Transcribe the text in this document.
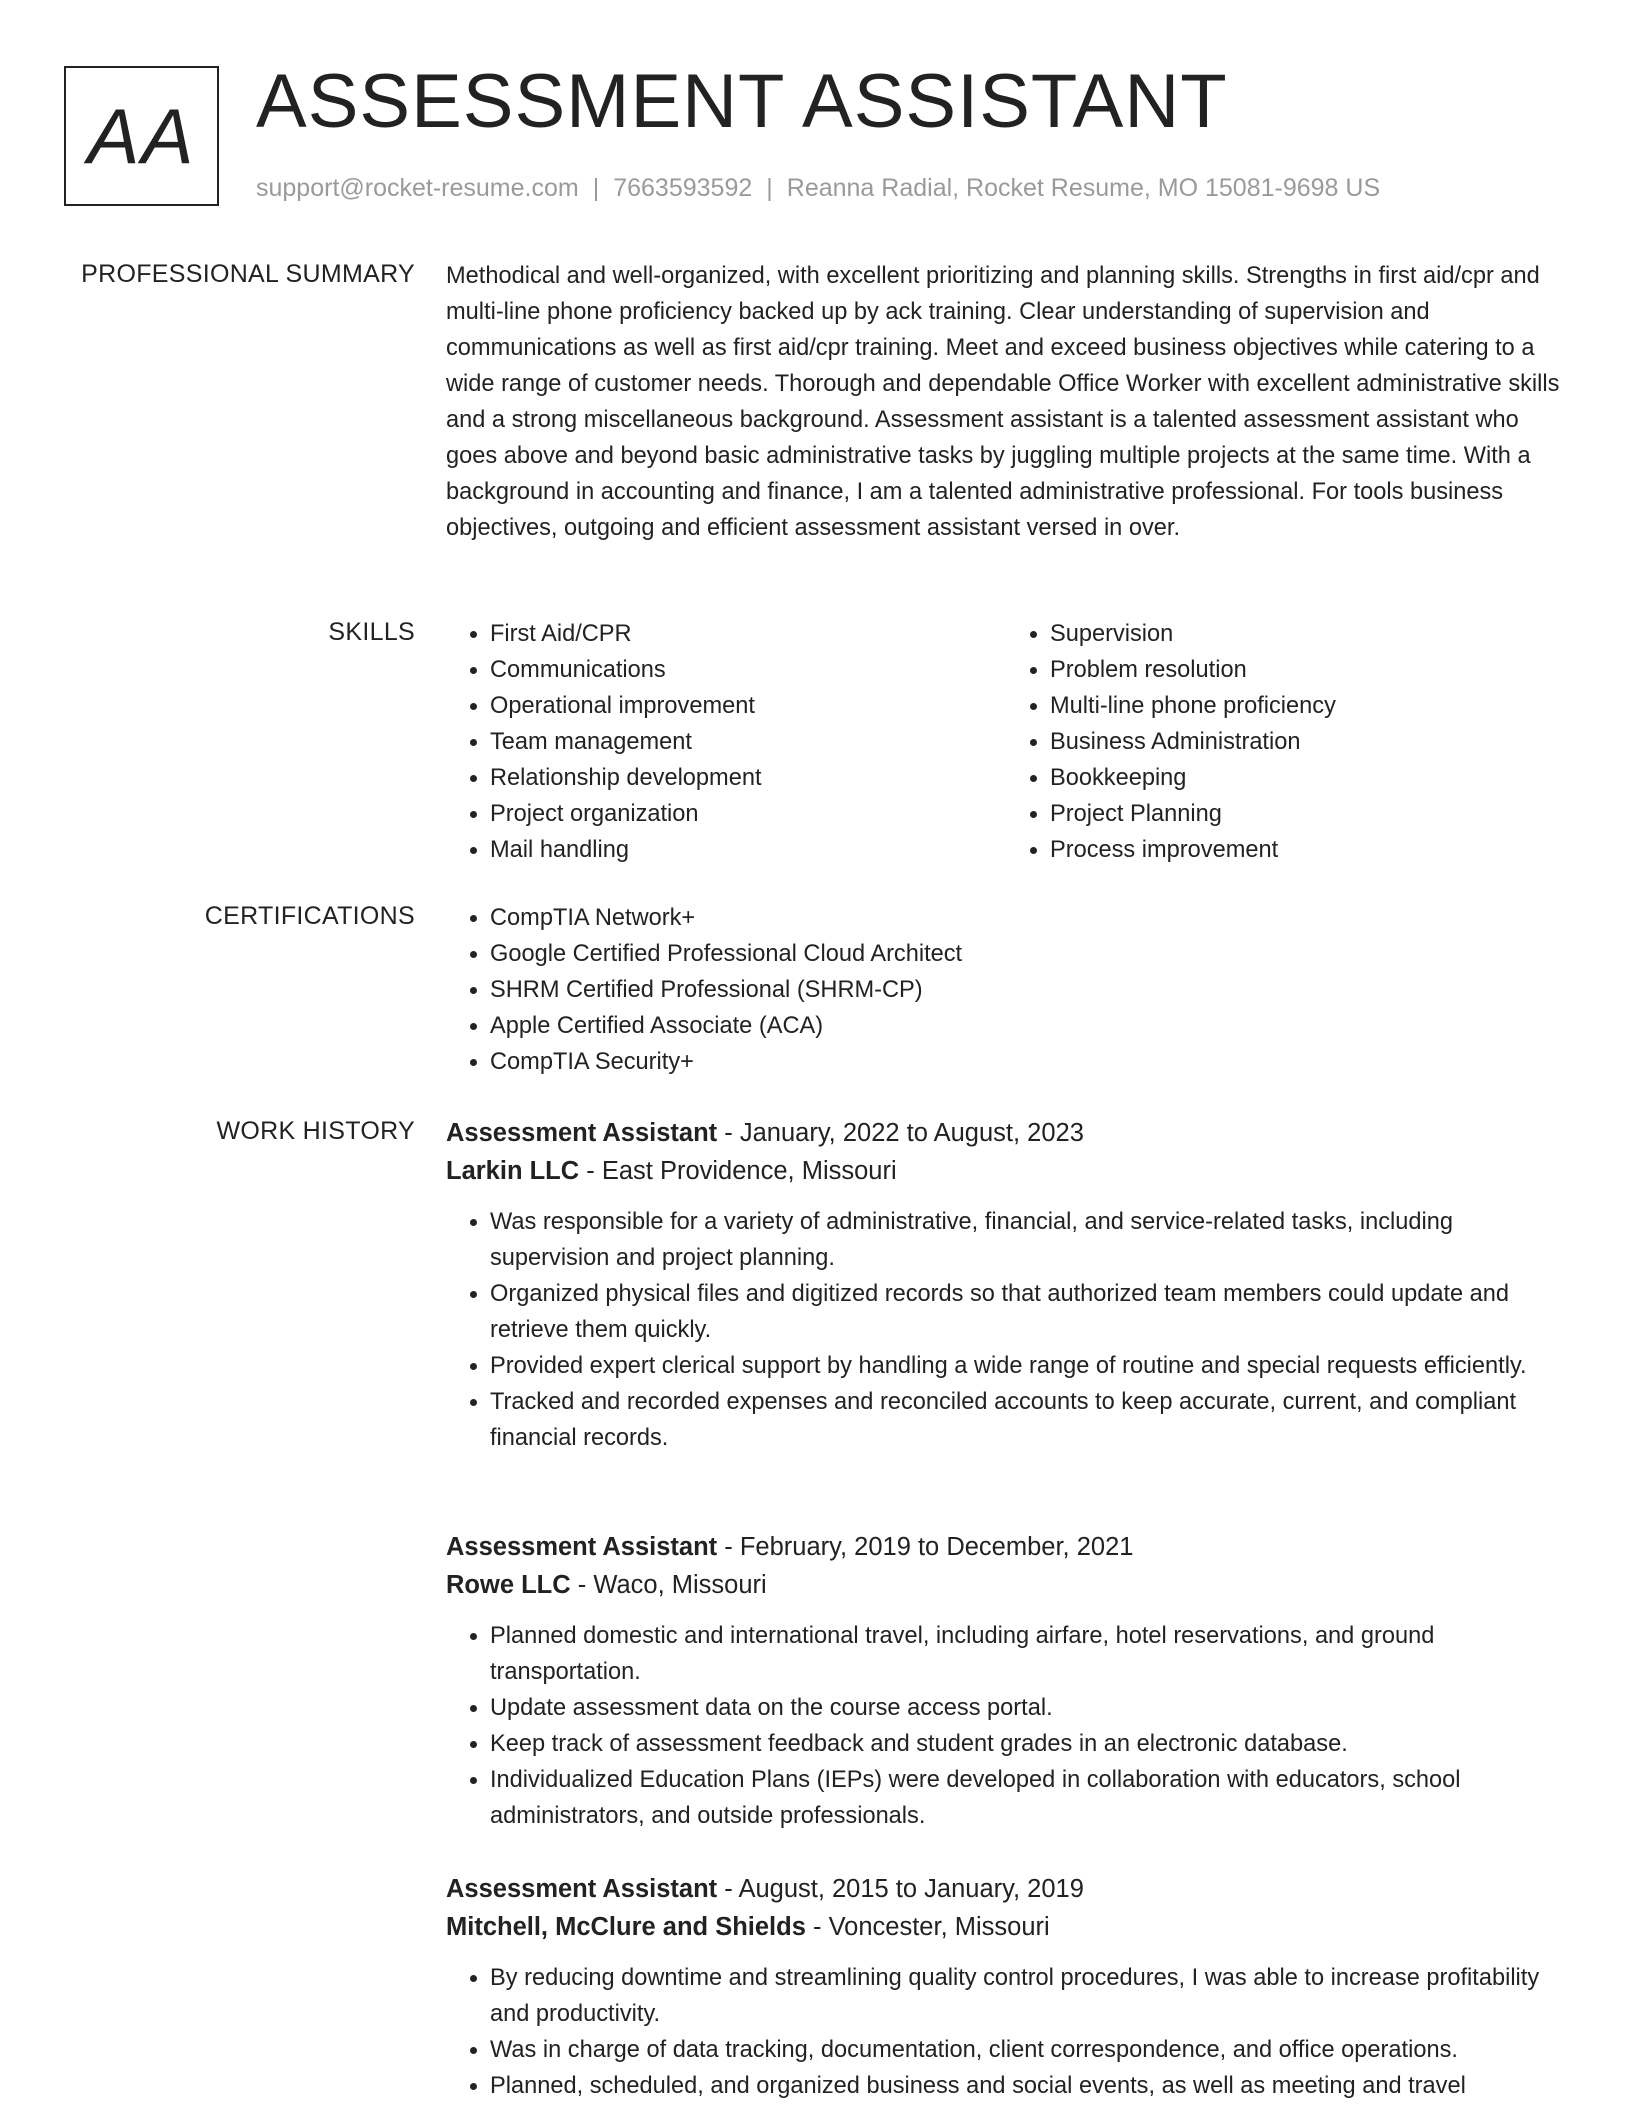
AA ASSESSMENT ASSISTANT
support@rocket-resume.com | 7663593592 | Reanna Radial, Rocket Resume, MO 15081-9698 US
PROFESSIONAL SUMMARY Methodical and well-organized, with excellent prioritizing and planning skills. Strengths in first aid/cpr and multi-line phone proficiency backed up by ack training. Clear understanding of supervision and communications as well as first aid/cpr training. Meet and exceed business objectives while catering to a wide range of customer needs. Thorough and dependable Office Worker with excellent administrative skills and a strong miscellaneous background. Assessment assistant is a talented assessment assistant who goes above and beyond basic administrative tasks by juggling multiple projects at the same time. With a background in accounting and finance, I am a talented administrative professional. For tools business objectives, outgoing and efficient assessment assistant versed in over.

SKILLS	• First Aid/CPR
• Communications
• Operational improvement
• Team management
• Relationship development
• Project organization
• Mail handling
• Supervision
• Problem resolution
• Multi-line phone proficiency
• Business Administration
• Bookkeeping
• Project Planning
• Process improvement
CERTIFICATIONS	• CompTIA Network+
• Google Certified Professional Cloud Architect
• SHRM Certified Professional (SHRM-CP)
• Apple Certified Associate (ACA)
• CompTIA Security+
WORK HISTORY Assessment Assistant - January, 2022 to August, 2023
Larkin LLC - East Providence, Missouri
• Was responsible for a variety of administrative, financial, and service-related tasks, including supervision and project planning.
• Organized physical files and digitized records so that authorized team members could update and retrieve them quickly.
• Provided expert clerical support by handling a wide range of routine and special requests efficiently.
• Tracked and recorded expenses and reconciled accounts to keep accurate, current, and compliant financial records.
Assessment Assistant - February, 2019 to December, 2021
Rowe LLC - Waco, Missouri
• Planned domestic and international travel, including airfare, hotel reservations, and ground transportation.
• Update assessment data on the course access portal.
• Keep track of assessment feedback and student grades in an electronic database.
• Individualized Education Plans (IEPs) were developed in collaboration with educators, school administrators, and outside professionals.
Assessment Assistant - August, 2015 to January, 2019
Mitchell, McClure and Shields - Voncester, Missouri
• By reducing downtime and streamlining quality control procedures, I was able to increase profitability and productivity.
• Was in charge of data tracking, documentation, client correspondence, and office operations.
• Planned, scheduled, and organized business and social events, as well as meeting and travel
